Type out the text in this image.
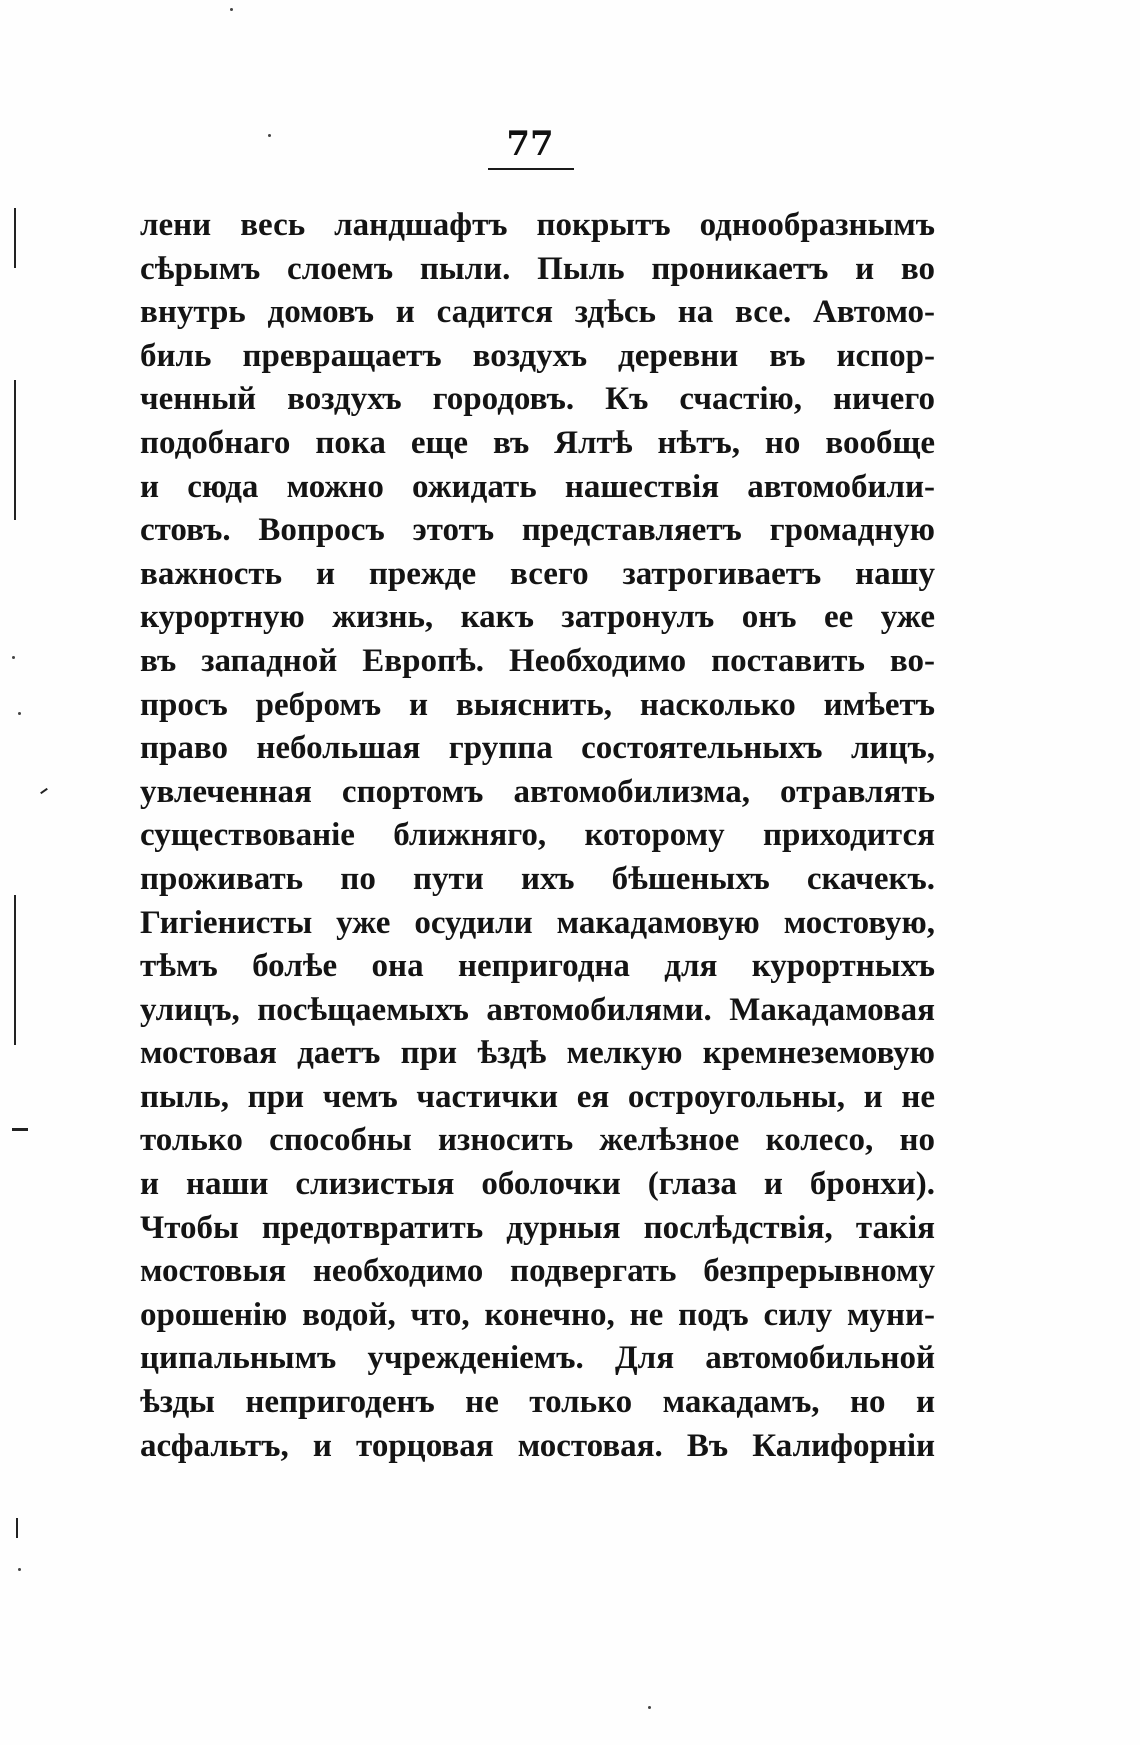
77
лени весь ландшафтъ покрытъ однообразнымъ
сѣрымъ слоемъ пыли. Пыль проникаетъ и во
внутрь домовъ и садится здѣсь на все. Автомо-
биль превращаетъ воздухъ деревни въ испор-
ченный воздухъ городовъ. Къ счастію, ничего
подобнаго пока еще въ Ялтѣ нѣтъ, но вообще
и сюда можно ожидать нашествія автомобили-
стовъ. Вопросъ этотъ представляетъ громадную
важность и прежде всего затрогиваетъ нашу
курортную жизнь, какъ затронулъ онъ ее уже
въ западной Европѣ. Необходимо поставить во-
просъ ребромъ и выяснить, насколько имѣетъ
право небольшая группа состоятельныхъ лицъ,
увлеченная спортомъ автомобилизма, отравлять
существованіе ближняго, которому приходится
проживать по пути ихъ бѣшеныхъ скачекъ.
Гигіенисты уже осудили макадамовую мостовую,
тѣмъ болѣе она непригодна для курортныхъ
улицъ, посѣщаемыхъ автомобилями. Макадамовая
мостовая даетъ при ѣздѣ мелкую кремнеземовую
пыль, при чемъ частички ея остроугольны, и не
только способны износить желѣзное колесо, но
и наши слизистыя оболочки (глаза и бронхи).
Чтобы предотвратить дурныя послѣдствія, такія
мостовыя необходимо подвергать безпрерывному
орошенію водой, что, конечно, не подъ силу муни-
ципальнымъ учрежденіемъ. Для автомобильной
ѣзды непригоденъ не только макадамъ, но и
асфальтъ, и торцовая мостовая. Въ Калифорніи
